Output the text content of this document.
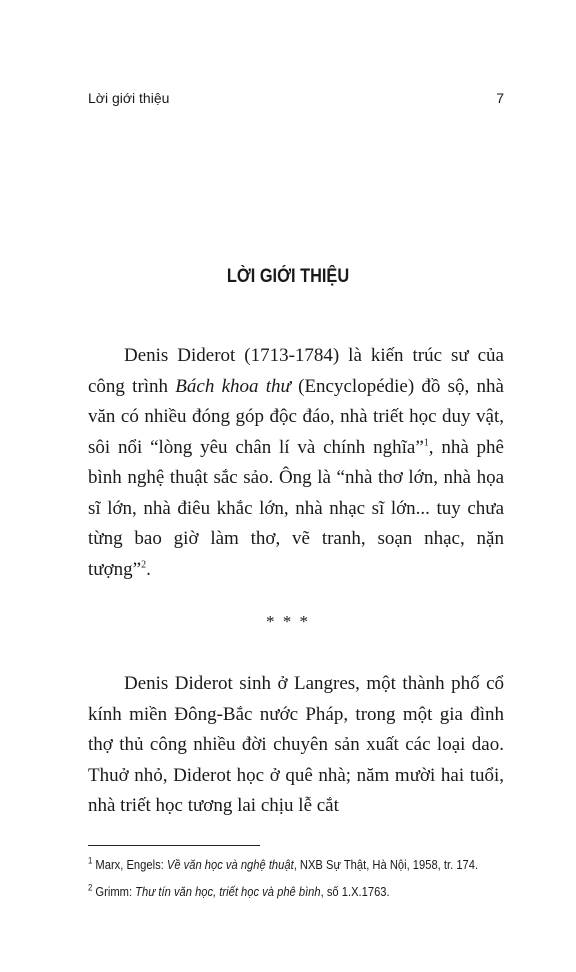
Lời giới thiệu	7
LỜI GIỚI THIỆU

Denis Diderot (1713-1784) là kiến trúc sư của công trình Bách khoa thư (Encyclopédie) đồ sộ, nhà văn có nhiều đóng góp độc đáo, nhà triết học duy vật, sôi nổi “lòng yêu chân lí và chính nghĩa”$^1$, nhà phê bình nghệ thuật sắc sảo. Ông là “nhà thơ lớn, nhà họa sĩ lớn, nhà điêu khắc lớn, nhà nhạc sĩ lớn... tuy chưa từng bao giờ làm thơ, vẽ tranh, soạn nhạc, nặn tượng”$^2$.

* * *

Denis Diderot sinh ở Langres, một thành phố cổ kính miền Đông-Bắc nước Pháp, trong một gia đình thợ thủ công nhiều đời chuyên sản xuất các loại dao. Thuở nhỏ, Diderot học ở quê nhà; năm mười hai tuổi, nhà triết học tương lai chịu lễ cắt

$^1$ Marx, Engels: Về văn học và nghệ thuật, NXB Sự Thật, Hà Nội, 1958, tr. 174.
$^2$ Grimm: Thư tín văn học, triết học và phê bình, số 1.X.1763.
